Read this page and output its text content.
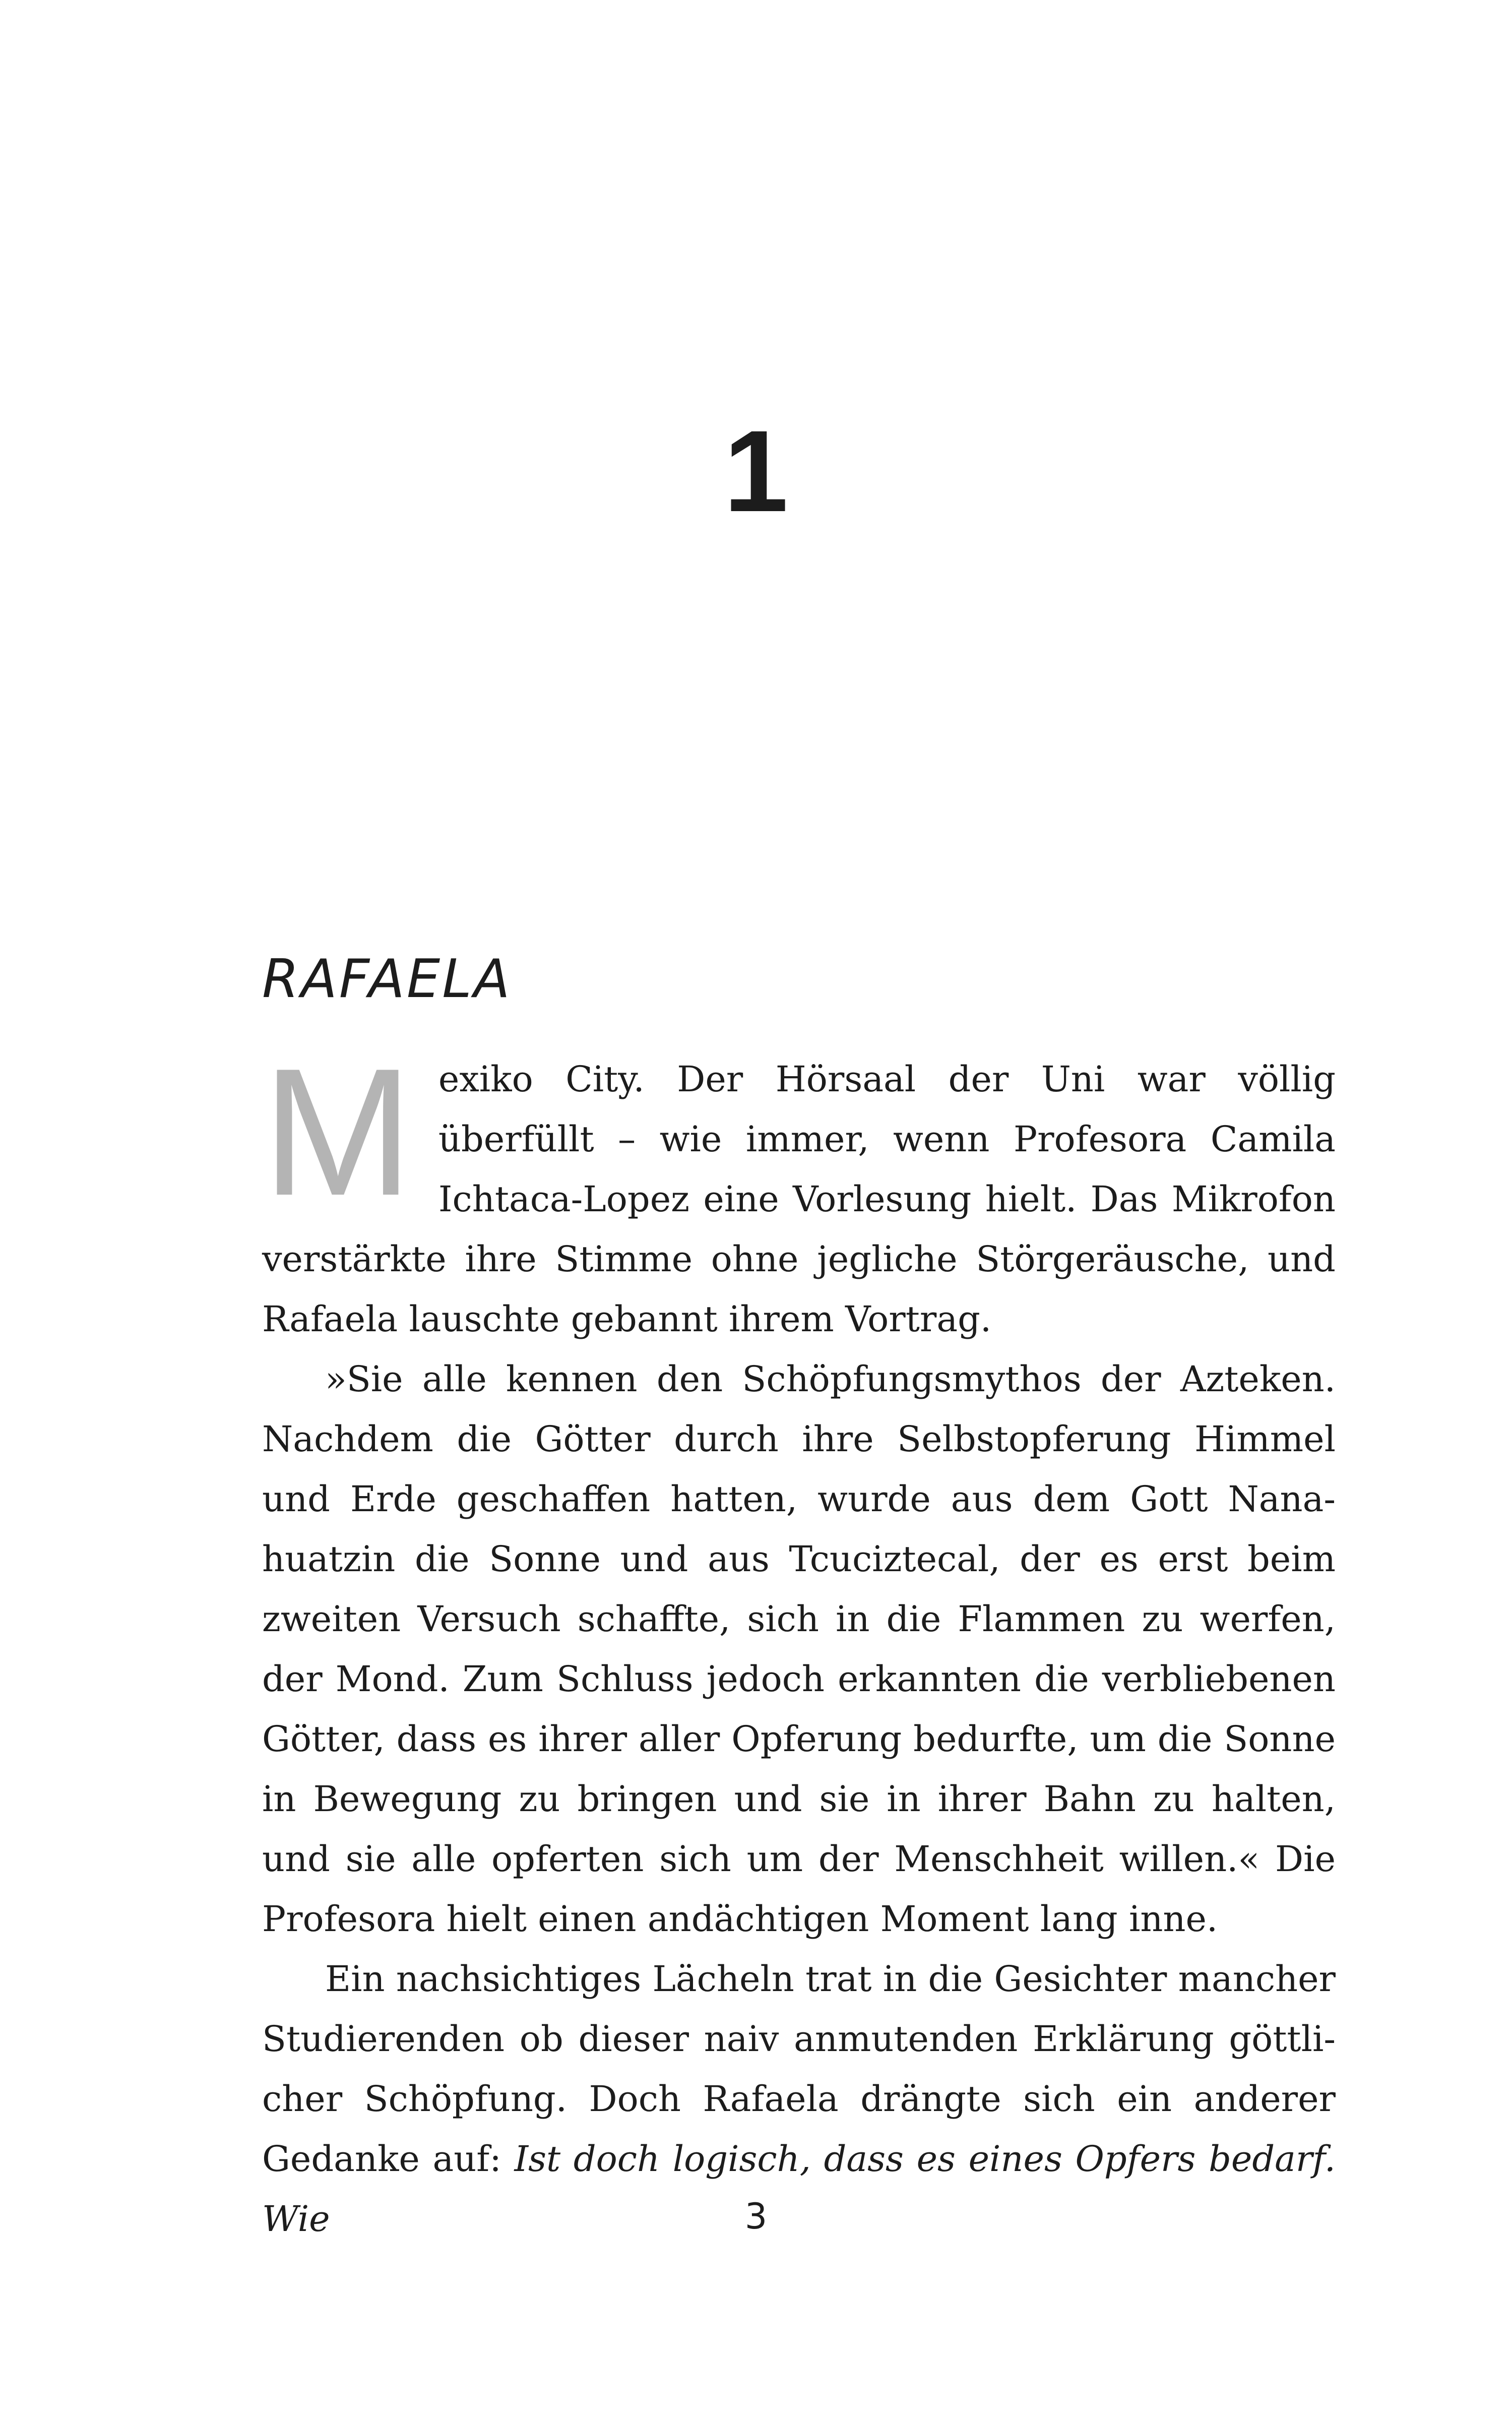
1
RAFAELA

Mexiko City. Der Hörsaal der Uni war völlig überfüllt – wie immer, wenn Profesora Camila Ichtaca-Lopez eine Vorlesung hielt. Das Mikrofon verstärkte ihre Stimme ohne jegliche Störgeräusche, und Rafaela lauschte gebannt ihrem Vortrag.

»Sie alle kennen den Schöpfungsmythos der Azteken. Nachdem die Götter durch ihre Selbstopferung Himmel und Erde geschaffen hatten, wurde aus dem Gott Nanahuatzin die Sonne und aus Tcuciztecal, der es erst beim zweiten Versuch schaffte, sich in die Flammen zu werfen, der Mond. Zum Schluss jedoch erkannten die verbliebenen Götter, dass es ihrer aller Opferung bedurfte, um die Sonne in Bewegung zu bringen und sie in ihrer Bahn zu halten, und sie alle opferten sich um der Menschheit willen.« Die Profesora hielt einen andächtigen Moment lang inne.

Ein nachsichtiges Lächeln trat in die Gesichter mancher Studierenden ob dieser naiv anmutenden Erklärung göttlicher Schöpfung. Doch Rafaela drängte sich ein anderer Gedanke auf: Ist doch logisch, dass es eines Opfers bedarf. Wie	3
